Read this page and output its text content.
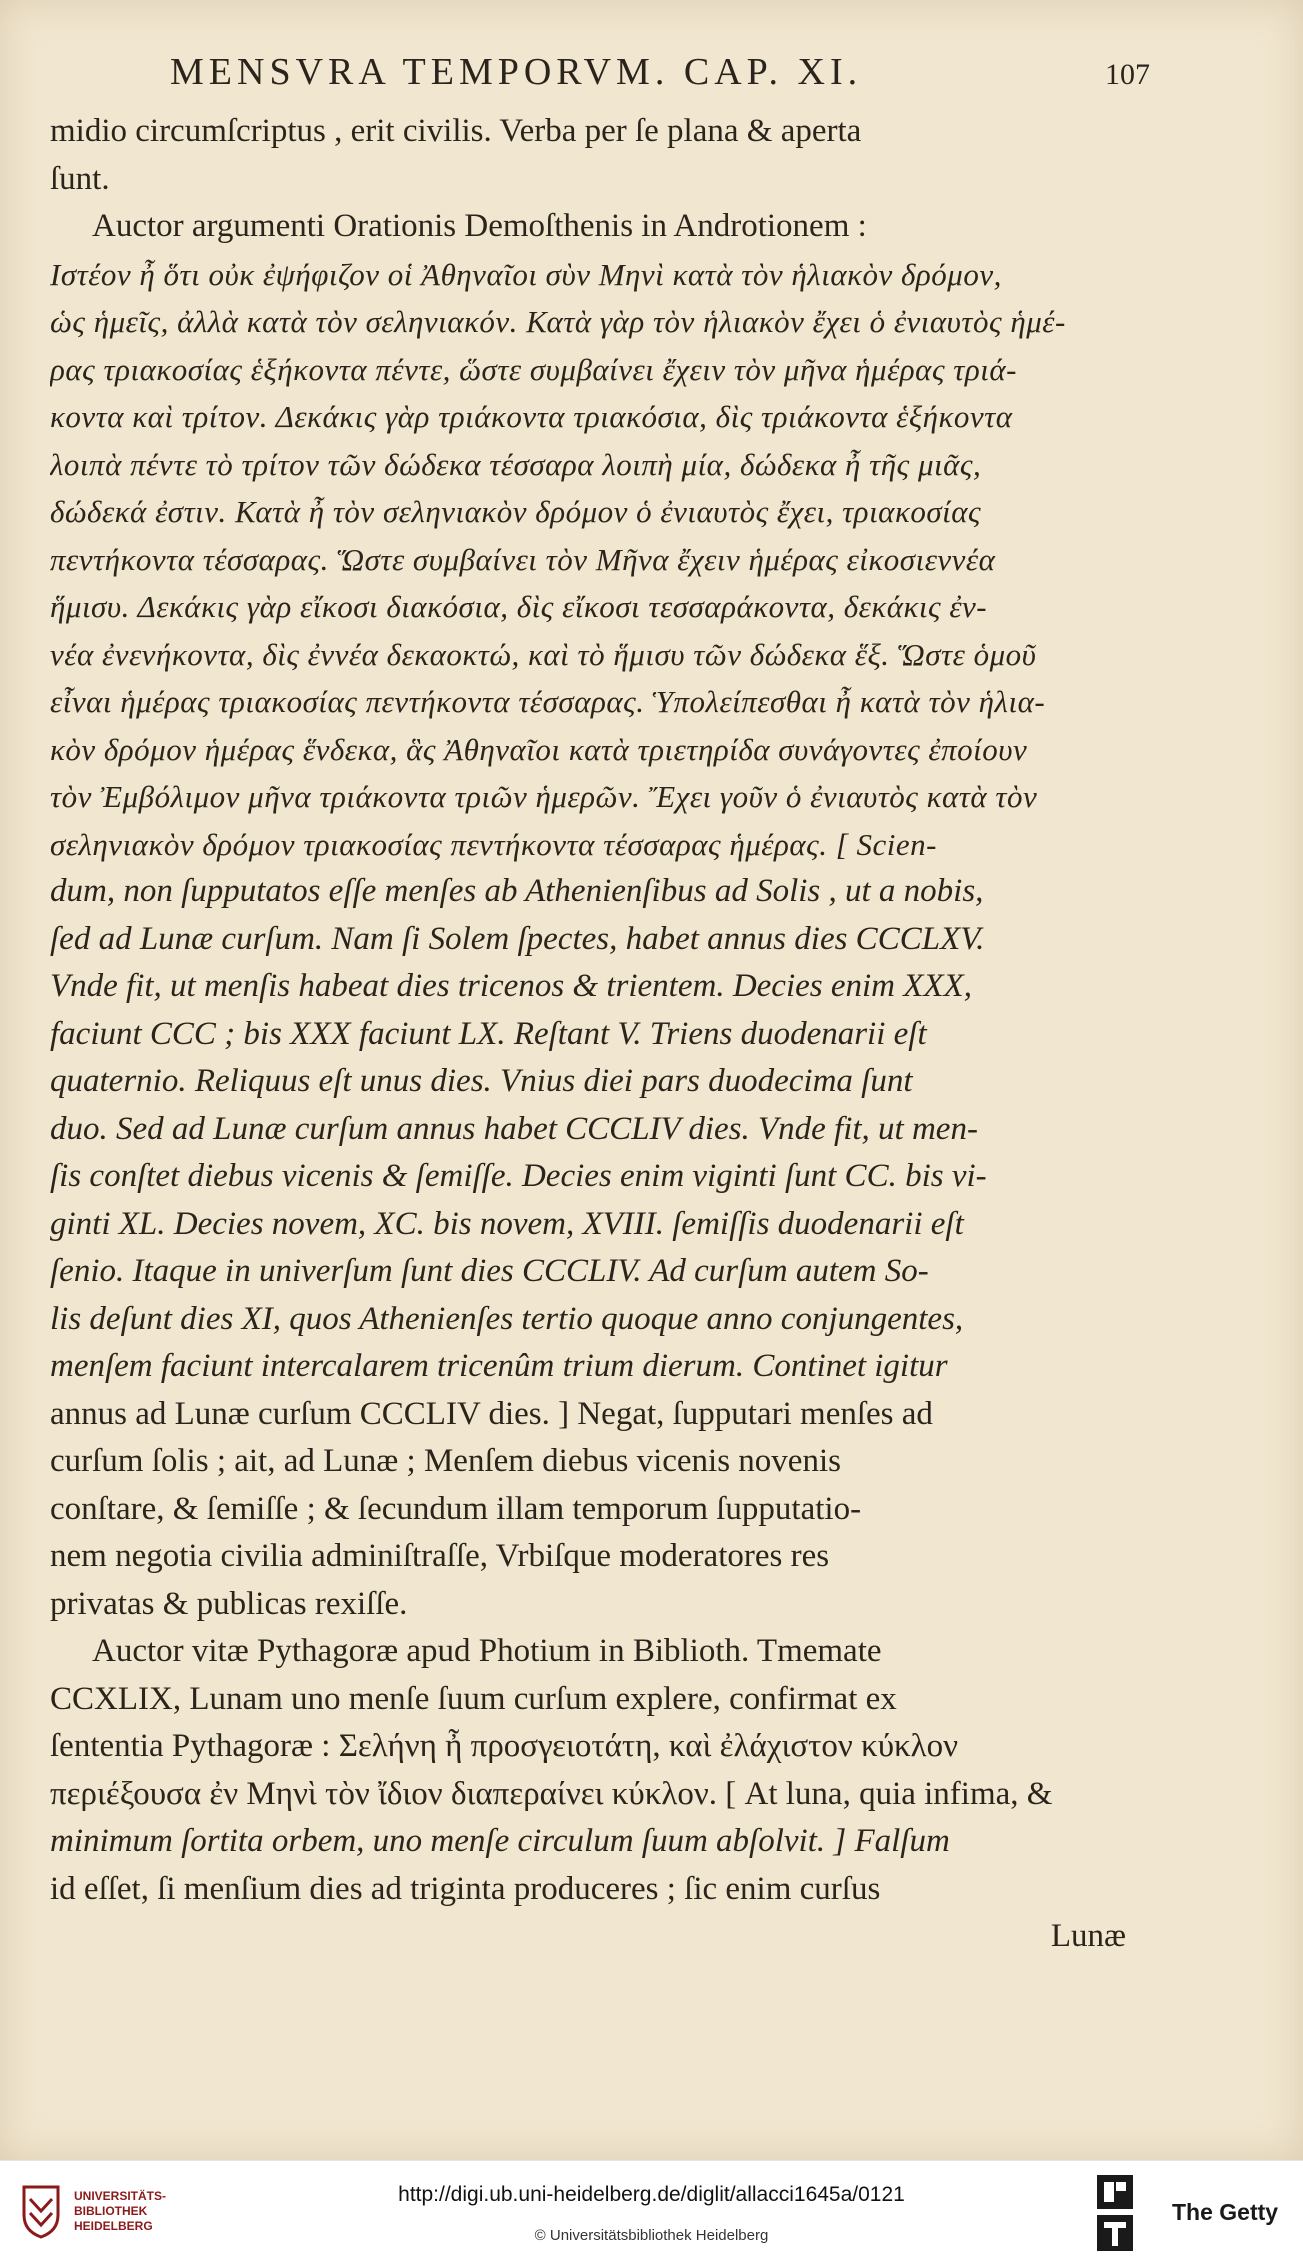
MENSVRA TEMPORVM. CAP. XI.	107
midio circumſcriptus , erit civilis. Verba per ſe plana & aperta
ſunt.
Auctor argumenti Orationis Demoſthenis in Androtionem :
Ιστέον ἦ ὅτι οὐκ ἐψήφιζον οἱ Ἀθηναῖοι σὺν Μηνὶ κατὰ τὸν ἡλιακὸν δρόμον,
ὡς ἡμεῖς, ἀλλὰ κατὰ τὸν σεληνιακόν. Κατὰ γὰρ τὸν ἡλιακὸν ἔχει ὁ ἐνιαυτὸς ἡμέ-
ρας τριακοσίας ἑξήκοντα πέντε, ὥστε συμβαίνει ἔχειν τὸν μῆνα ἡμέρας τριά-
κοντα καὶ τρίτον. Δεκάκις γὰρ τριάκοντα τριακόσια, δὶς τριάκοντα ἑξήκοντα
λοιπὰ πέντε τὸ τρίτον τῶν δώδεκα τέσσαρα λοιπὴ μία, δώδεκα ἦ τῆς μιᾶς,
δώδεκά ἐστιν. Κατὰ ἦ τὸν σεληνιακὸν δρόμον ὁ ἐνιαυτὸς ἔχει, τριακοσίας
πεντήκοντα τέσσαρας. Ὥστε συμβαίνει τὸν Μῆνα ἔχειν ἡμέρας εἰκοσιεννέα
ἥμισυ. Δεκάκις γὰρ εἴκοσι διακόσια, δὶς εἴκοσι τεσσαράκοντα, δεκάκις ἐν-
νέα ἐνενήκοντα, δὶς ἐννέα δεκαοκτώ, καὶ τὸ ἥμισυ τῶν δώδεκα ἕξ. Ὥστε ὁμοῦ
εἶναι ἡμέρας τριακοσίας πεντήκοντα τέσσαρας. Ὑπολείπεσθαι ἦ κατὰ τὸν ἡλια-
κὸν δρόμον ἡμέρας ἕνδεκα, ἃς Ἀθηναῖοι κατὰ τριετηρίδα συνάγοντες ἐποίουν
τὸν Ἐμβόλιμον μῆνα τριάκοντα τριῶν ἡμερῶν. Ἔχει γοῦν ὁ ἐνιαυτὸς κατὰ τὸν
σεληνιακὸν δρόμον τριακοσίας πεντήκοντα τέσσαρας ἡμέρας. [ Scien-
dum, non ſupputatos eſſe menſes ab Athenienſibus ad Solis , ut a nobis,
ſed ad Lunæ curſum. Nam ſi Solem ſpectes, habet annus dies CCCLXV.
Vnde fit, ut menſis habeat dies tricenos & trientem. Decies enim XXX,
faciunt CCC ; bis XXX faciunt LX. Reſtant V. Triens duodenarii eſt
quaternio. Reliquus eſt unus dies. Vnius diei pars duodecima ſunt
duo. Sed ad Lunæ curſum annus habet CCCLIV dies. Vnde fit, ut men-
ſis conſtet diebus vicenis & ſemiſſe. Decies enim viginti ſunt CC. bis vi-
ginti XL. Decies novem, XC. bis novem, XVIII. ſemiſſis duodenarii eſt
ſenio. Itaque in univerſum ſunt dies CCCLIV. Ad curſum autem So-
lis deſunt dies XI, quos Athenienſes tertio quoque anno conjungentes,
menſem faciunt intercalarem tricenûm trium dierum. Continet igitur
annus ad Lunæ curſum CCCLIV dies. ] Negat, ſupputari menſes ad
curſum ſolis ; ait, ad Lunæ ; Menſem diebus vicenis novenis
conſtare, & ſemiſſe ; & ſecundum illam temporum ſupputatio-
nem negotia civilia adminiſtraſſe, Vrbiſque moderatores res
privatas & publicas rexiſſe.
Auctor vitæ Pythagoræ apud Photium in Biblioth. Tmemate
CCXLIX, Lunam uno menſe ſuum curſum explere, confirmat ex
ſententia Pythagoræ : Σελήνη ἦ προσγειοτάτη, καὶ ἐλάχιστον κύκλον
περιέξουσα ἐν Μηνὶ τὸν ἴδιον διαπεραίνει κύκλον. [ At luna, quia infima, &
minimum ſortita orbem, uno menſe circulum ſuum abſolvit. ] Falſum
id eſſet, ſi menſium dies ad triginta produceres ; ſic enim curſus
Lunæ
UNIVERSITÄTS-
BIBLIOTHEK
HEIDELBERG
http://digi.ub.uni-heidelberg.de/diglit/allacci1645a/0121
© Universitätsbibliothek Heidelberg
The Getty
